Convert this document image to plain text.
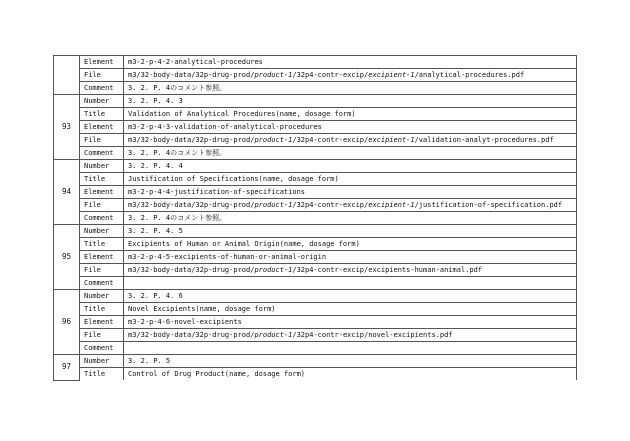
	Element	m3-2-p-4-2-analytical-procedures
	File	m3/32-body-data/32p-drug-prod/product-1/32p4-contr-excip/excipient-1/analytical-procedures.pdf
	Comment	3. 2. P. 4のコメント参照。
93	Number	3. 2. P. 4. 3
	Title	Validation of Analytical Procedures(name, dosage form)
	Element	m3-2-p-4-3-validation-of-analytical-procedures
	File	m3/32-body-data/32p-drug-prod/product-1/32p4-contr-excip/excipient-1/validation-analyt-procedures.pdf
	Comment	3. 2. P. 4のコメント参照。
94	Number	3. 2. P. 4. 4
	Title	Justification of Specifications(name, dosage form)
	Element	m3-2-p-4-4-justification-of-specifications
	File	m3/32-body-data/32p-drug-prod/product-1/32p4-contr-excip/excipient-1/justification-of-specification.pdf
	Comment	3. 2. P. 4のコメント参照。
95	Number	3. 2. P. 4. 5
	Title	Excipients of Human or Animal Origin(name, dosage form)
	Element	m3-2-p-4-5-excipients-of-human-or-animal-origin
	File	m3/32-body-data/32p-drug-prod/product-1/32p4-contr-excip/excipients-human-animal.pdf
	Comment	
96	Number	3. 2. P. 4. 6
	Title	Novel Excipients(name, dosage form)
	Element	m3-2-p-4-6-novel-excipients
	File	m3/32-body-data/32p-drug-prod/product-1/32p4-contr-excip/novel-excipients.pdf
	Comment	
97	Number	3. 2. P. 5
	Title	Control of Drug Product(name, dosage form)
